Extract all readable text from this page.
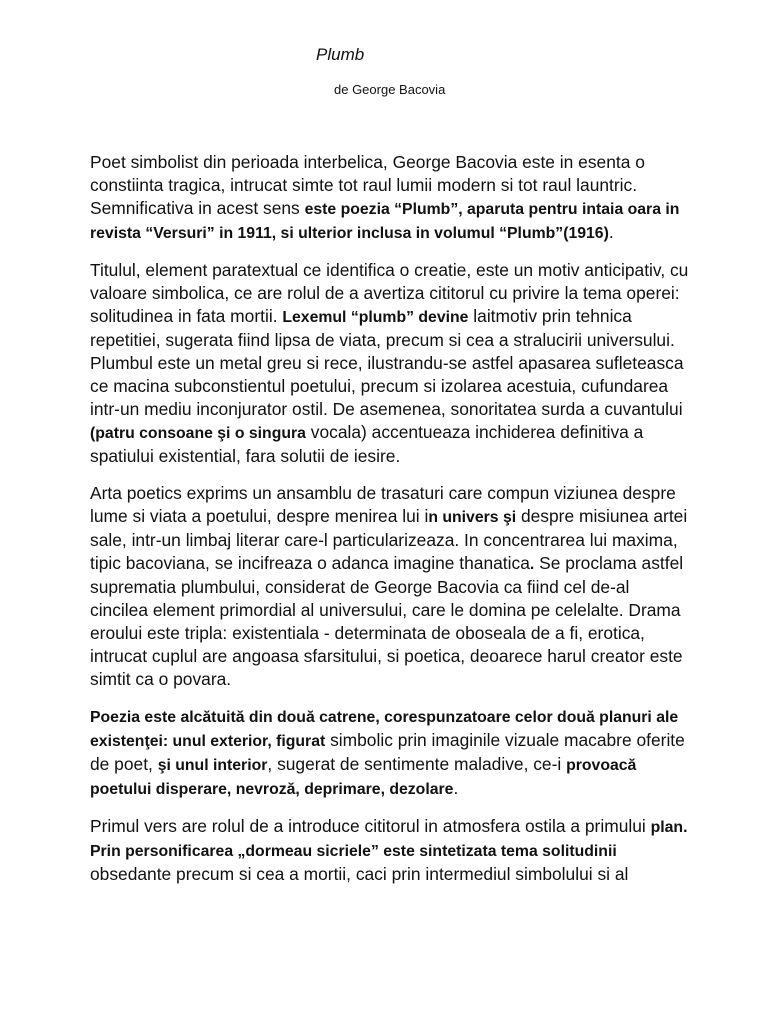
Plumb
de George Bacovia

Poet simbolist din perioada interbelica, George Bacovia este in esenta o constiinta tragica, intrucat simte tot raul lumii modern si tot raul launtric. Semnificativa in acest sens este poezia “Plumb”, aparuta pentru intaia oara in revista “Versuri” in 1911, si ulterior inclusa in volumul “Plumb”(1916).

Titulul, element paratextual ce identifica o creatie, este un motiv anticipativ, cu valoare simbolica, ce are rolul de a avertiza cititorul cu privire la tema operei: solitudinea in fata mortii. Lexemul “plumb” devine laitmotiv prin tehnica repetitiei, sugerata fiind lipsa de viata, precum si cea a stralucirii universului. Plumbul este un metal greu si rece, ilustrandu-se astfel apasarea sufleteasca ce macina subconstientul poetului, precum si izolarea acestuia, cufundarea intr-un mediu inconjurator ostil. De asemenea, sonoritatea surda a cuvantului (patru consoane şi o singura vocala) accentueaza inchiderea definitiva a spatiului existential, fara solutii de iesire.

Arta poetics exprims un ansamblu de trasaturi care compun viziunea despre lume si viata a poetului, despre menirea lui in univers şi despre misiunea artei sale, intr-un limbaj literar care-l particularizeaza. In concentrarea lui maxima, tipic bacoviana, se incifreaza o adanca imagine thanatica. Se proclama astfel suprematia plumbului, considerat de George Bacovia ca fiind cel de-al cincilea element primordial al universului, care le domina pe celelalte. Drama eroului este tripla: existentiala - determinata de oboseala de a fi, erotica, intrucat cuplul are angoasa sfarsitului, si poetica, deoarece harul creator este simtit ca o povara.

Poezia este alcătuită din două catrene, corespunzatoare celor două planuri ale existenţei: unul exterior, figurat simbolic prin imaginile vizuale macabre oferite de poet, şi unul interior, sugerat de sentimente maladive, ce-i provoacă poetului disperare, nevroză, deprimare, dezolare.

Primul vers are rolul de a introduce cititorul in atmosfera ostila a primului plan. Prin personificarea „dormeau sicriele” este sintetizata tema solitudinii obsedante precum si cea a mortii, caci prin intermediul simbolului si al
